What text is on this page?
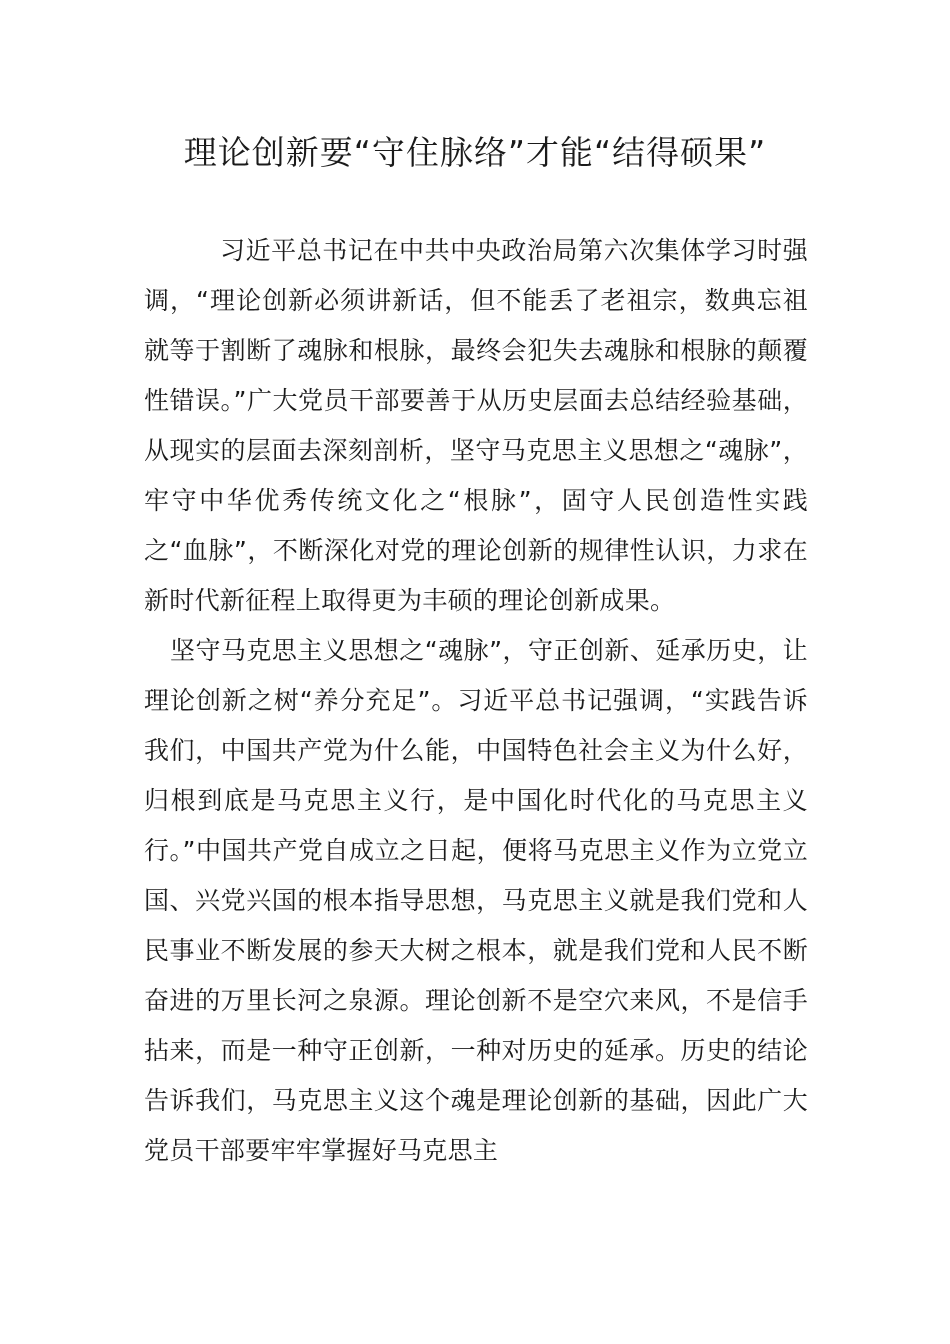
理论创新要“守住脉络”才能“结得硕果”

习近平总书记在中共中央政治局第六次集体学习时强调，“理论创新必须讲新话，但不能丢了老祖宗，数典忘祖就等于割断了魂脉和根脉，最终会犯失去魂脉和根脉的颠覆性错误。”广大党员干部要善于从历史层面去总结经验基础，从现实的层面去深刻剖析，坚守马克思主义思想之“魂脉”，牢守中华优秀传统文化之“根脉”，固守人民创造性实践之“血脉”，不断深化对党的理论创新的规律性认识，力求在新时代新征程上取得更为丰硕的理论创新成果。

坚守马克思主义思想之“魂脉”，守正创新、延承历史，让理论创新之树“养分充足”。习近平总书记强调，“实践告诉我们，中国共产党为什么能，中国特色社会主义为什么好，归根到底是马克思主义行，是中国化时代化的马克思主义行。”中国共产党自成立之日起，便将马克思主义作为立党立国、兴党兴国的根本指导思想，马克思主义就是我们党和人民事业不断发展的参天大树之根本，就是我们党和人民不断奋进的万里长河之泉源。理论创新不是空穴来风，不是信手拈来，而是一种守正创新，一种对历史的延承。历史的结论告诉我们，马克思主义这个魂是理论创新的基础，因此广大党员干部要牢牢掌握好马克思主
